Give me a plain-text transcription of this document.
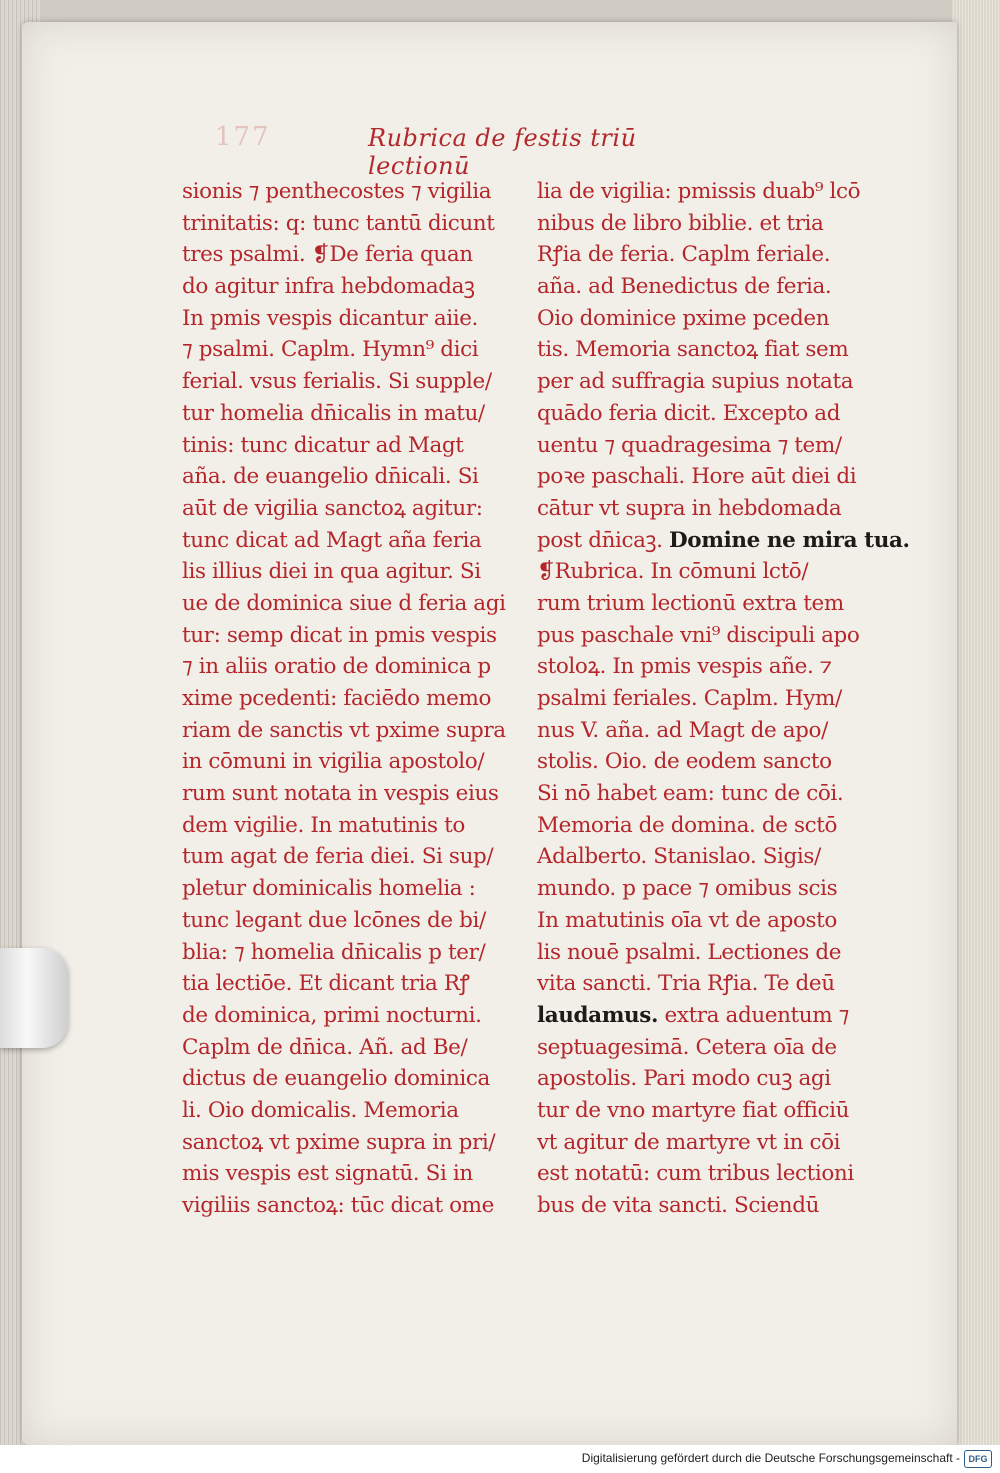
177	Rubrica de festis triū lectionū
sionis ⁊ penthecostes ⁊ vigilia
trinitatis: q: tunc tantū dicunt
tres psalmi. ❡De feria quan
do agitur infra hebdomadaꝫ
In pmis vespis dicantur aiie.
⁊ psalmi. Caplm. Hymn⁹ dici
ferial. vsus ferialis. Si supple/
tur homelia dn̄icalis in matu/
tinis: tunc dicatur ad Magt
aña. de euangelio dn̄icali. Si
aūt de vigilia sanctoꝝ agitur:
tunc dicat ad Magt aña feria
lis illius diei in qua agitur. Si
ue de dominica siue d feria agi
tur: semp dicat in pmis vespis
⁊ in aliis oratio de dominica p
xime pcedenti: faciēdo memo
riam de sanctis vt pxime supra
in cōmuni in vigilia apostolo/
rum sunt notata in vespis eius
dem vigilie. In matutinis to
tum agat de feria diei. Si sup/
pletur dominicalis homelia :
tunc legant due lcōnes de bi/
blia: ⁊ homelia dn̄icalis p ter/
tia lectiōe. Et dicant tria Rꝭ
de dominica, primi nocturni.
Caplm de dn̄ica. Añ. ad Be/
dictus de euangelio dominica
li. Oio domicalis. Memoria
sanctoꝝ vt pxime supra in pri/
mis vespis est signatū. Si in
vigiliis sanctoꝝ: tūc dicat ome
lia de vigilia: pmissis duab⁹ lcō
nibus de libro biblie. et tria
Rꝭia de feria. Caplm feriale.
aña. ad Benedictus de feria.
Oio dominice pxime pceden
tis. Memoria sanctoꝝ fiat sem
per ad suffragia supius notata
quādo feria dicit. Excepto ad
uentu ⁊ quadragesima ⁊ tem/
poꝛe paschali. Hore aūt diei di
cātur vt supra in hebdomada
post dn̄icaꝫ. Domine ne mira tua.
❡Rubrica. In cōmuni lctō/
rum trium lectionū extra tem
pus paschale vni⁹ discipuli apo
stoloꝝ. In pmis vespis añe. ⁊
psalmi feriales. Caplm. Hym/
nus V. aña. ad Magt de apo/
stolis. Oio. de eodem sancto
Si nō habet eam: tunc de cōi.
Memoria de domina. de sctō
Adalberto. Stanislao. Sigis/
mundo. p pace ⁊ omibus scis
In matutinis oīa vt de aposto
lis nouē psalmi. Lectiones de
vita sancti. Tria Rꝭia. Te deū
laudamus. extra aduentum ⁊
septuagesimā. Cetera oīa de
apostolis. Pari modo cuꝫ agi
tur de vno martyre fiat officiū
vt agitur de martyre vt in cōi
est notatū: cum tribus lectioni
bus de vita sancti. Sciendū
Digitalisierung gefördert durch die Deutsche Forschungsgemeinschaft - DFG
